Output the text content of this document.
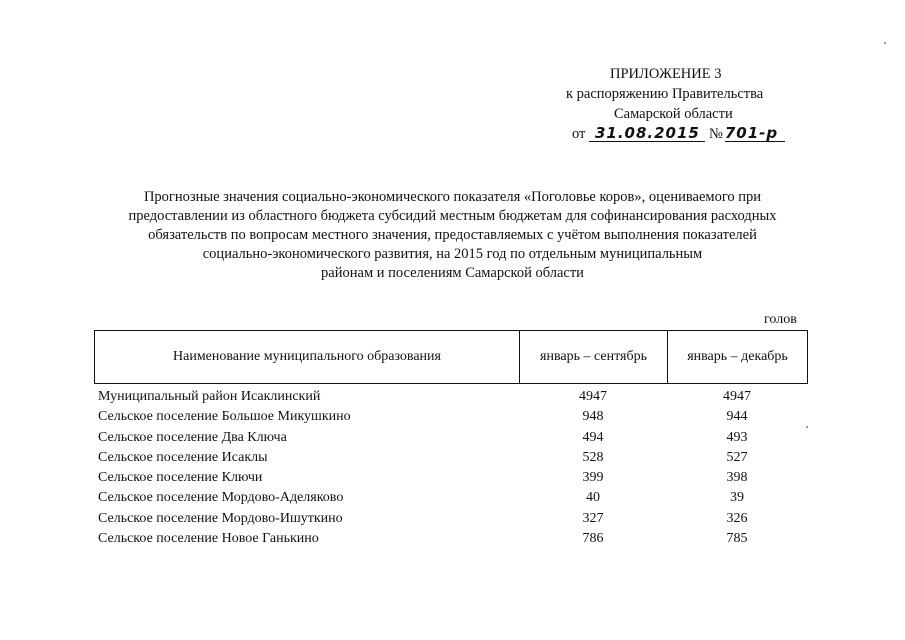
ПРИЛОЖЕНИЕ 3
к распоряжению Правительства
Самарской области
от 31.08.2015 № 701-р
Прогнозные значения социально-экономического показателя «Поголовье коров», оцениваемого при
предоставлении из областного бюджета субсидий местным бюджетам для софинансирования расходных
обязательств по вопросам местного значения, предоставляемых с учётом выполнения показателей
социально-экономического развития, на 2015 год по отдельным муниципальным
районам и поселениям Самарской области
голов
Наименование муниципального образования	январь – сентябрь	январь – декабрь
Муниципальный район Исаклинский	4947	4947
Сельское поселение Большое Микушкино	948	944
Сельское поселение Два Ключа	494	493
Сельское поселение Исаклы	528	527
Сельское поселение Ключи	399	398
Сельское поселение Мордово-Аделяково	40	39
Сельское поселение Мордово-Ишуткино	327	326
Сельское поселение Новое Ганькино	786	785
